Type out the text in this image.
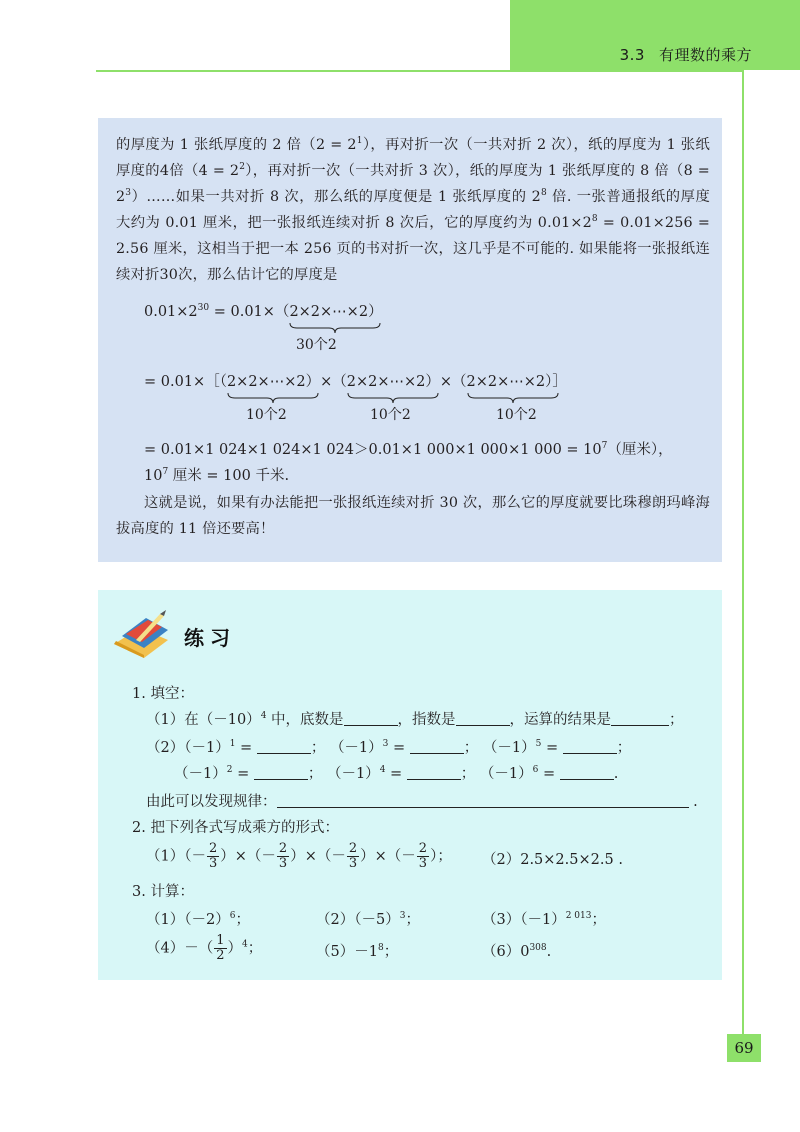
3.3 有理数的乘方
的厚度为 1 张纸厚度的 2 倍$(2 = 2^1)$，再对折一次（一共对折 2 次），纸的厚度为 1 张纸厚度的4倍$(4 = 2^2)$，再对折一次（一共对折 3 次），纸的厚度为 1 张纸厚度的 8 倍$(8 = 2^3)\dots\dots$如果一共对折 8 次，那么纸的厚度便是 1 张纸厚度的 $2^8$ 倍. 一张普通报纸的厚度大约为 0.01 厘米，把一张报纸连续对折 8 次后，它的厚度约为 $0.01\times 2^8 = 0.01\times 256 = 2.56$ 厘米，这相当于把一本 256 页的书对折一次，这几乎是不可能的. 如果能将一张报纸连续对折30次，那么估计它的厚度是
$0.01\times 2^{30}$ = 0.01×（2×2×⋯×2
）
30个2
= 0.01×［（2×2×⋯×2
）×（2×2×⋯×2
）×（2×2×⋯×2
）］
10个2	10个2	10个2
= 0.01×1 024×1 024×1 024＞0.01×1 000×1 000×1 $000 = 10^7$（厘米），
$10^7$ 厘米 = 100 千米.
这就是说，如果有办法能把一张报纸连续对折 30 次，那么它的厚度就要比珠穆朗玛峰海拔高度的 11 倍还要高！
练习
1. 填空：
（1）在$(-10)^4$ 中，底数是	，指数是	，运算的结果是	；
$(2)(-1)^1$ =	； $(-1)^3$ =	； $(-1)^5$ =	；
$(-1)^2$ =	； $(-1)^4$ =	； $(-1)^6$ =	.
由此可以发现规律：	.
2. 把下列各式写成乘方的形式：
$(1)(- \frac{2}{3}$ ）×（－ $\frac{2}{3}$ ）×（－ $\frac{2}{3}$ ）×（－ $\frac{2}{3}$ ）； （2）2.5×2.5×2.5 .
3. 计算：
$(1)(-2)^6$；	$(2)(-5)^3$；	$(3)(-1)^{2 013}$；
$(4)-( \frac{1}{2} )^4$；	$(5)-1^8$；	$(6)0^{308}$.
69
